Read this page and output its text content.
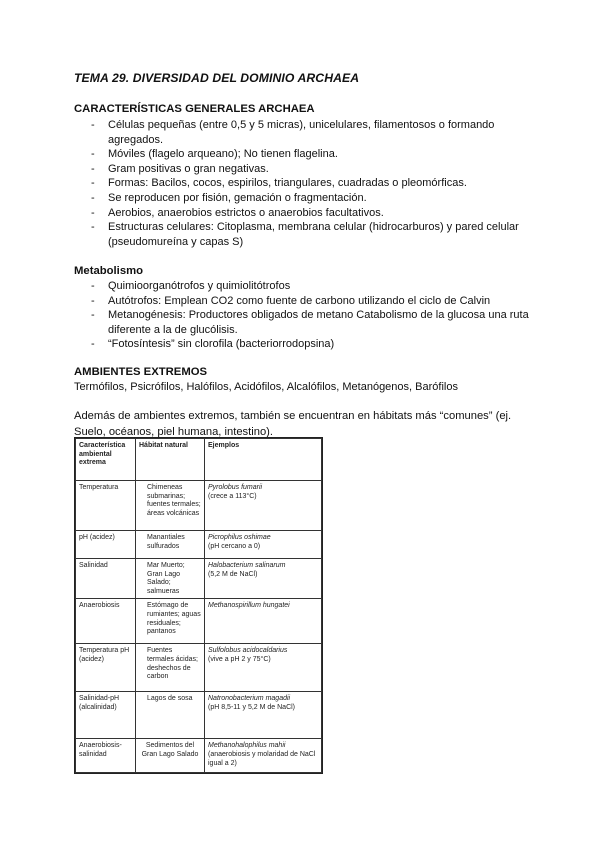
TEMA 29. DIVERSIDAD DEL DOMINIO ARCHAEA
CARACTERÍSTICAS GENERALES ARCHAEA
- Células pequeñas (entre 0,5 y 5 micras), unicelulares, filamentosos o formando agregados.
- Móviles (flagelo arqueano); No tienen flagelina.
- Gram positivas o gran negativas.
- Formas: Bacilos, cocos, espirilos, triangulares, cuadradas o pleomórficas.
- Se reproducen por fisión, gemación o fragmentación.
- Aerobios, anaerobios estrictos o anaerobios facultativos.
- Estructuras celulares: Citoplasma, membrana celular (hidrocarburos) y pared celular (pseudomureína y capas S)
Metabolismo
- Quimioorganótrofos y quimiolitótrofos
- Autótrofos: Emplean CO2 como fuente de carbono utilizando el ciclo de Calvin
- Metanogénesis: Productores obligados de metano Catabolismo de la glucosa una ruta diferente a la de glucólisis.
- “Fotosíntesis” sin clorofila (bacteriorrodopsina)
AMBIENTES EXTREMOS
Termófilos, Psicrófilos, Halófilos, Acidófilos, Alcalófilos, Metanógenos, Barófilos
Además de ambientes extremos, también se encuentran en hábitats más “comunes” (ej. Suelo, océanos, piel humana, intestino).
Característica ambiental extrema	Hábitat natural	Ejemplos
Temperatura	Chimeneas submarinas; fuentes termales; áreas volcánicas	Pyrolobus fumarii
(crece a 113°C)
pH (acidez)	Manantiales sulfurados	Picrophilus oshimae
(pH cercano a 0)
Salinidad	Mar Muerto; Gran Lago Salado; salmueras	Halobacterium salinarum
(5,2 M de NaCl)
Anaerobiosis	Estómago de rumiantes; aguas residuales; pantanos	Methanospirillum hungatei
Temperatura pH (acidez)	Fuentes termales ácidas; deshechos de carbon	Sulfolobus acidocaldarius
(vive a pH 2 y 75°C)
Salinidad-pH (alcalinidad)	Lagos de sosa	Natronobacterium magadii
(pH 8,5-11 y 5,2 M de NaCl)
Anaerobiosis-salinidad	Sedimentos del Gran Lago Salado	Methanohalophilus mahii
(anaerobiosis y molaridad de NaCl igual a 2)
